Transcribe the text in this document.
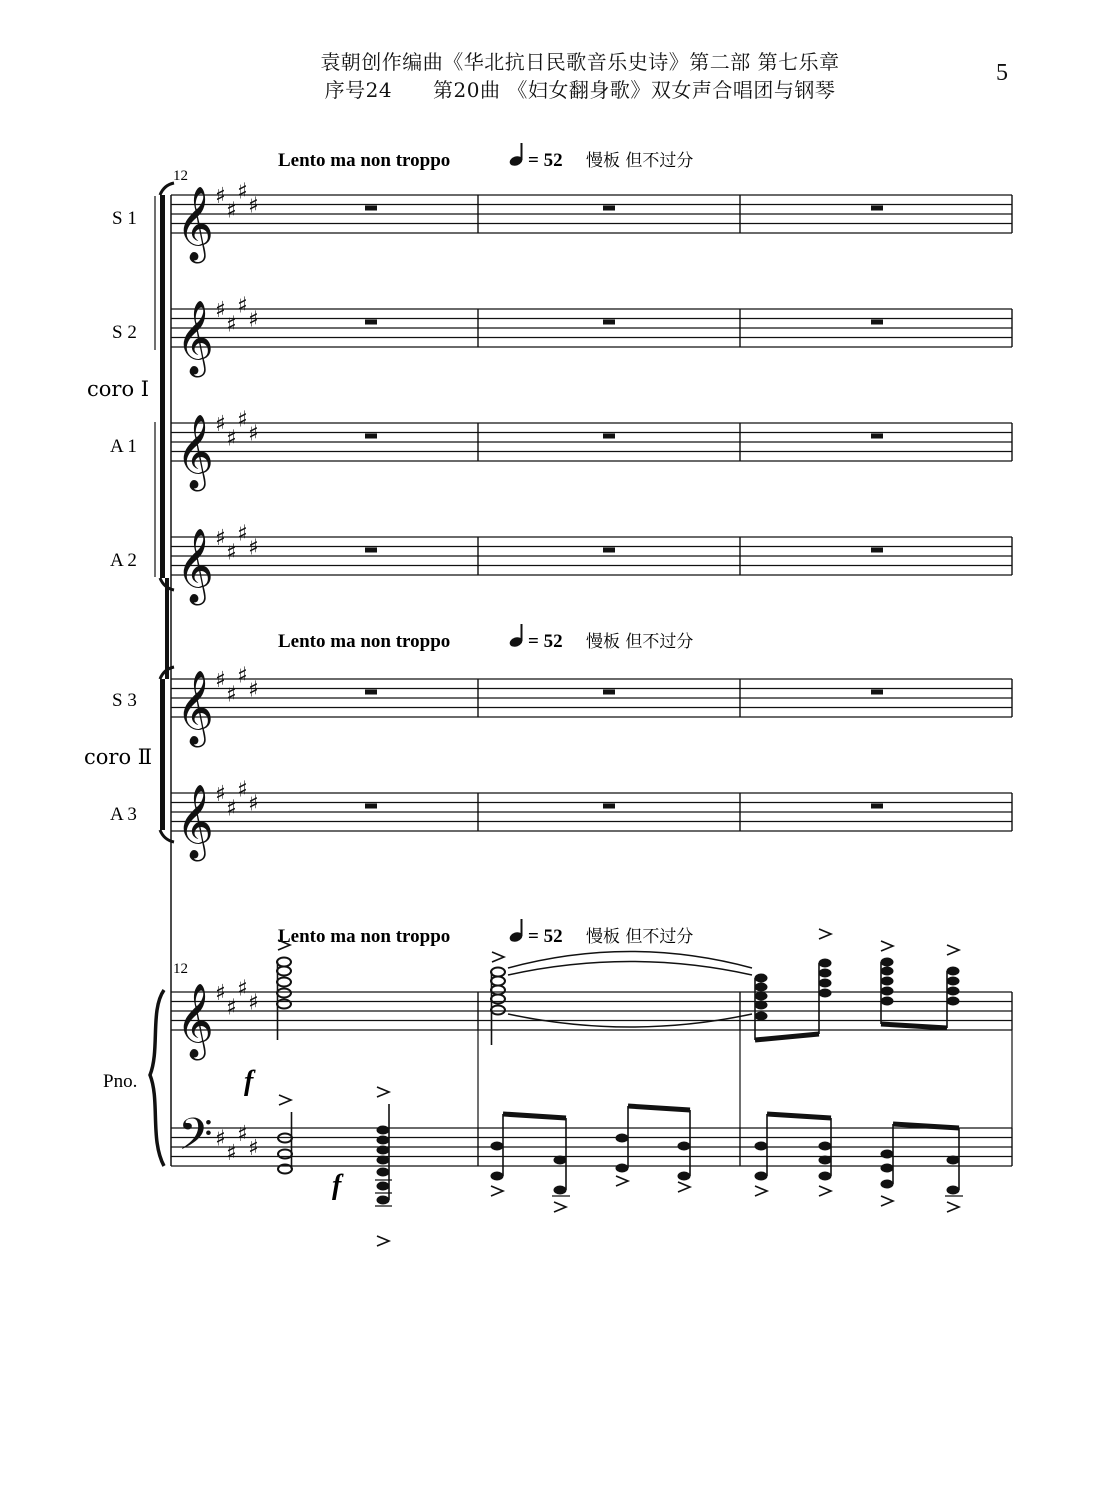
袁朝创作编曲《华北抗日民歌音乐史诗》第二部 第七乐章
序号24　　第20曲 《妇女翻身歌》双女声合唱团与钢琴
5
Lento ma non troppo	= 52 慢板 但不过分
Lento ma non troppo	= 52 慢板 但不过分
Lento ma non troppo	= 52 慢板 但不过分
12
12
S 1
S 2
coro Ⅰ
A 1
A 2
S 3
coro Ⅱ
A 3
Pno.
𝄞
𝄞
𝄞
𝄞
𝄞
𝄞
𝄞
𝄢
♯
♯
♯
♯
♯
♯
♯
♯
♯
♯
♯
♯
♯
♯
♯
♯
♯
♯
♯
♯
♯
♯
♯
♯
♯
♯
♯
♯
♯
♯
♯
♯
f
f
